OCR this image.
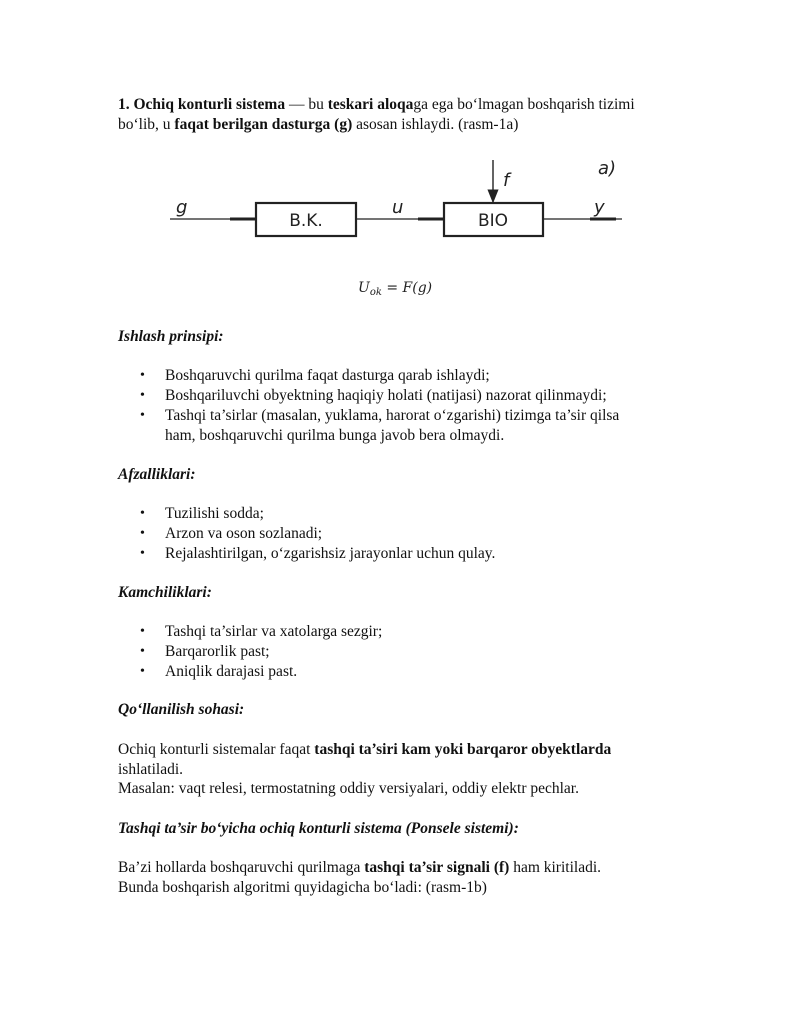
1. Ochiq konturli sistema — bu teskari aloqaga ega bo‘lmagan boshqarish tizimi bo‘lib, u faqat berilgan dasturga (g) asosan ishlaydi. (rasm-1a)

g
B.K.
u
BIO
f
y
a)
$U_{ok} = F(g)$

Ishlash prinsipi:

• Boshqaruvchi qurilma faqat dasturga qarab ishlaydi;
• Boshqariluvchi obyektning haqiqiy holati (natijasi) nazorat qilinmaydi;
• Tashqi ta’sirlar (masalan, yuklama, harorat o‘zgarishi) tizimga ta’sir qilsa ham, boshqaruvchi qurilma bunga javob bera olmaydi.

Afzalliklari:

• Tuzilishi sodda;
• Arzon va oson sozlanadi;
• Rejalashtirilgan, o‘zgarishsiz jarayonlar uchun qulay.

Kamchiliklari:

• Tashqi ta’sirlar va xatolarga sezgir;
• Barqarorlik past;
• Aniqlik darajasi past.

Qo‘llanilish sohasi:

Ochiq konturli sistemalar faqat tashqi ta’siri kam yoki barqaror obyektlarda ishlatiladi.

Masalan: vaqt relesi, termostatning oddiy versiyalari, oddiy elektr pechlar.

Tashqi ta’sir bo‘yicha ochiq konturli sistema (Ponsele sistemi):

Ba’zi hollarda boshqaruvchi qurilmaga tashqi ta’sir signali (f) ham kiritiladi.

Bunda boshqarish algoritmi quyidagicha bo‘ladi: (rasm-1b)
